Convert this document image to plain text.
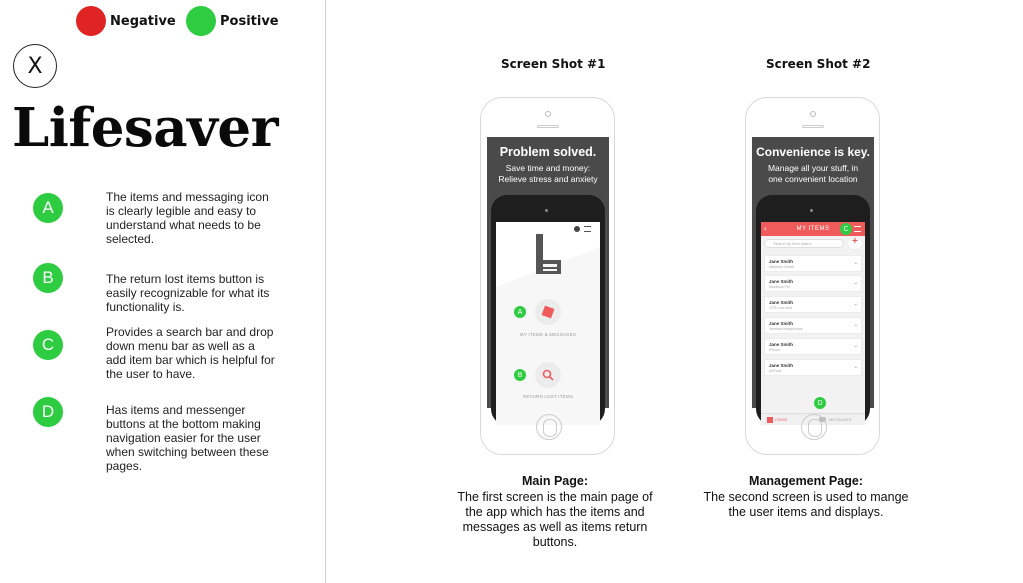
Negative	Positive
X
Lifesaver
A
The items and messaging icon is clearly legible and easy to understand what needs to be selected.
B	The return lost items button is easily recognizable for what its functionality is.
C
Provides a search bar and drop down menu bar as well as a add item bar which is helpful for the user to have.
D	Has items and messenger buttons at the bottom making navigation easier for the user when switching between these pages.
Screen Shot #1
Problem solved.
Save time and money:
Relieve stress and anxiety
A
MY ITEMS & MESSAGES
B
RETURN LOST ITEMS
Main Page:
The first screen is the main page of the app which has the items and messages as well as items return buttons.
Screen Shot #2
Convenience is key.
Manage all your stuff, in
one convenient location
MY ITEMS
‹	C
Search by Item Name	+
Jane Smith
Nintendo Switch
⌄
Jane Smith
MacBook Pro
⌄
Jane Smith
GTR Lord shirt
⌄
Jane Smith
Wireless headphones
⌄
Jane Smith
iPhone
⌄
Jane Smith
AirPods
⌄
D
ITEMS	MESSAGES
Management Page:
The second screen is used to mange the user items and displays.
